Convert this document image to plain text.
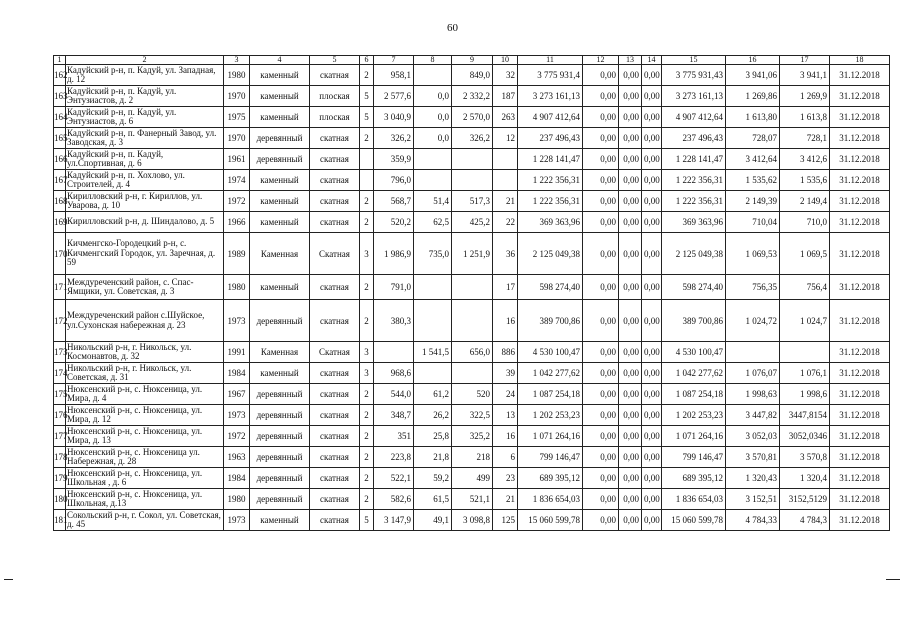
60
1	2	3	4	5	6	7	8	9	10	11	12	13	14	15	16	17	18
162	Кадуйский р-н, п. Кадуй, ул. Западная, д. 12	1980	каменный	скатная	2	958,1		849,0	32	3 775 931,4	0,00	0,00	0,00	3 775 931,43	3 941,06	3 941,1	31.12.2018
163	Кадуйский р-н, п. Кадуй, ул. Энтузиастов, д. 2	1970	каменный	плоская	5	2 577,6	0,0	2 332,2	187	3 273 161,13	0,00	0,00	0,00	3 273 161,13	1 269,86	1 269,9	31.12.2018
164	Кадуйский р-н, п. Кадуй, ул. Энтузиастов, д. 6	1975	каменный	плоская	5	3 040,9	0,0	2 570,0	263	4 907 412,64	0,00	0,00	0,00	4 907 412,64	1 613,80	1 613,8	31.12.2018
165	Кадуйский р-н, п. Фанерный Завод, ул. Заводская, д. 3	1970	деревянный	скатная	2	326,2	0,0	326,2	12	237 496,43	0,00	0,00	0,00	237 496,43	728,07	728,1	31.12.2018
166	Кадуйский р-н, п. Кадуй, ул.Спортивная, д. 6	1961	деревянный	скатная		359,9				1 228 141,47	0,00	0,00	0,00	1 228 141,47	3 412,64	3 412,6	31.12.2018
167	Кадуйский р-н, п. Хохлово, ул. Строителей, д. 4	1974	каменный	скатная		796,0				1 222 356,31	0,00	0,00	0,00	1 222 356,31	1 535,62	1 535,6	31.12.2018
168	Кирилловский р-н, г. Кириллов, ул. Уварова, д. 10	1972	каменный	скатная	2	568,7	51,4	517,3	21	1 222 356,31	0,00	0,00	0,00	1 222 356,31	2 149,39	2 149,4	31.12.2018
169	Кирилловский р-н, д. Шиндалово, д. 5	1966	каменный	скатная	2	520,2	62,5	425,2	22	369 363,96	0,00	0,00	0,00	369 363,96	710,04	710,0	31.12.2018
170	Кичменгско-Городецкий р-н, с. Кичменгский Городок, ул. Заречная, д. 59	1989	Каменная	Скатная	3	1 986,9	735,0	1 251,9	36	2 125 049,38	0,00	0,00	0,00	2 125 049,38	1 069,53	1 069,5	31.12.2018
171	Междуреченский район, с. Спас-Ямщики, ул. Советская, д. 3	1980	каменный	скатная	2	791,0			17	598 274,40	0,00	0,00	0,00	598 274,40	756,35	756,4	31.12.2018
172	Междуреченский район с.Шуйское, ул.Сухонская набережная д. 23	1973	деревянный	скатная	2	380,3			16	389 700,86	0,00	0,00	0,00	389 700,86	1 024,72	1 024,7	31.12.2018
173	Никольский р-н, г. Никольск, ул. Космонавтов, д. 32	1991	Каменная	Скатная	3		1 541,5	656,0	886	4 530 100,47	0,00	0,00	0,00	4 530 100,47			31.12.2018
174	Никольский р-н, г. Никольск, ул. Советская, д. 31	1984	каменный	скатная	3	968,6			39	1 042 277,62	0,00	0,00	0,00	1 042 277,62	1 076,07	1 076,1	31.12.2018
175	Нюксенский р-н, с. Нюксеница, ул. Мира, д. 4	1967	деревянный	скатная	2	544,0	61,2	520	24	1 087 254,18	0,00	0,00	0,00	1 087 254,18	1 998,63	1 998,6	31.12.2018
176	Нюксенский р-н, с. Нюксеница, ул. Мира, д. 12	1973	деревянный	скатная	2	348,7	26,2	322,5	13	1 202 253,23	0,00	0,00	0,00	1 202 253,23	3 447,82	3447,8154	31.12.2018
177	Нюксенский р-н, с. Нюксеница, ул. Мира, д. 13	1972	деревянный	скатная	2	351	25,8	325,2	16	1 071 264,16	0,00	0,00	0,00	1 071 264,16	3 052,03	3052,0346	31.12.2018
178	Нюксенский р-н, с. Нюксеница ул. Набережная, д. 28	1963	деревянный	скатная	2	223,8	21,8	218	6	799 146,47	0,00	0,00	0,00	799 146,47	3 570,81	3 570,8	31.12.2018
179	Нюксенский р-н, с. Нюксеница, ул. Школьная , д. 6	1984	деревянный	скатная	2	522,1	59,2	499	23	689 395,12	0,00	0,00	0,00	689 395,12	1 320,43	1 320,4	31.12.2018
180	Нюксенский р-н, с. Нюксеница, ул. Школьная, д.13	1980	деревянный	скатная	2	582,6	61,5	521,1	21	1 836 654,03	0,00	0,00	0,00	1 836 654,03	3 152,51	3152,5129	31.12.2018
181	Сокольский р-н, г. Сокол, ул. Советская, д. 45	1973	каменный	скатная	5	3 147,9	49,1	3 098,8	125	15 060 599,78	0,00	0,00	0,00	15 060 599,78	4 784,33	4 784,3	31.12.2018
